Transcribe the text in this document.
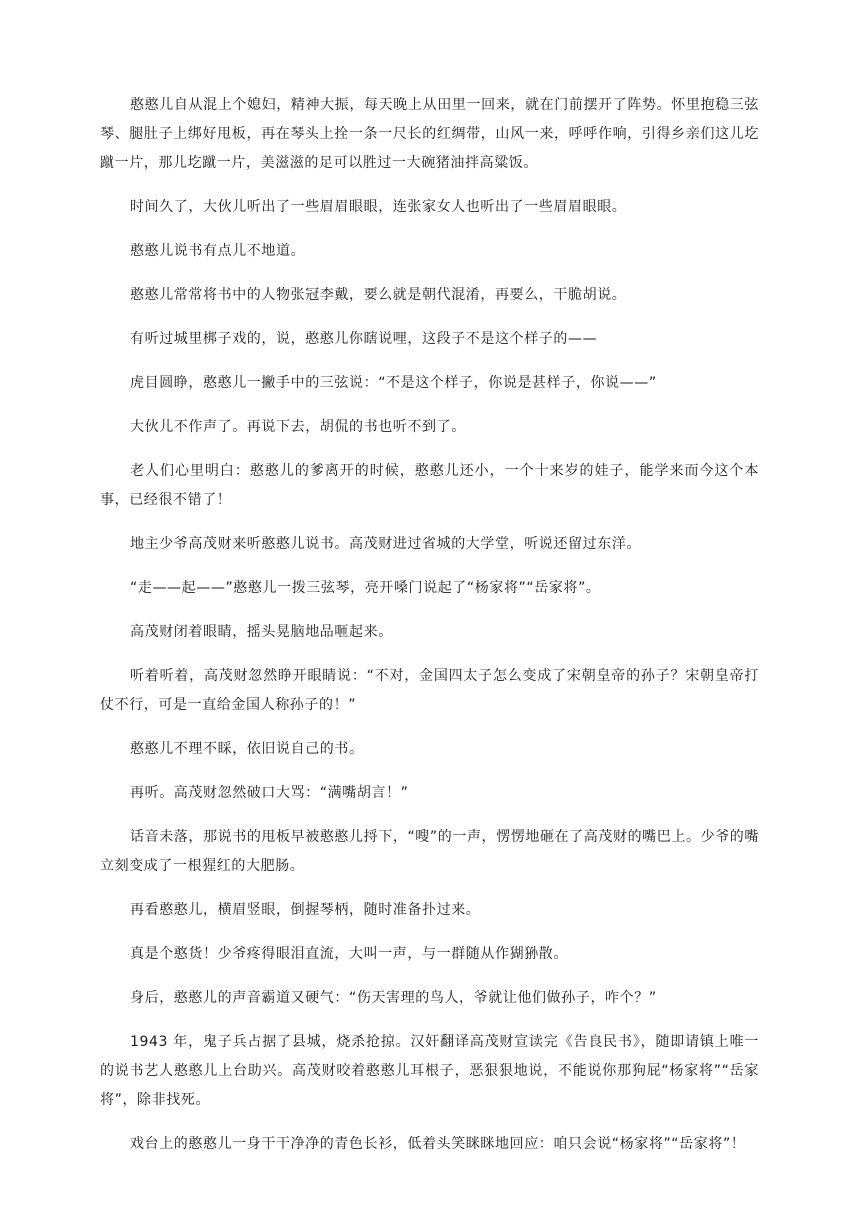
憨憨儿自从混上个媳妇，精神大振，每天晚上从田里一回来，就在门前摆开了阵势。怀里抱稳三弦琴、腿肚子上绑好甩板，再在琴头上拴一条一尺长的红绸带，山风一来，呼呼作响，引得乡亲们这儿圪蹴一片，那儿圪蹴一片，美滋滋的足可以胜过一大碗猪油拌高粱饭。

时间久了，大伙儿听出了一些眉眉眼眼，连张家女人也听出了一些眉眉眼眼。

憨憨儿说书有点儿不地道。

憨憨儿常常将书中的人物张冠李戴，要么就是朝代混淆，再要么，干脆胡说。

有听过城里梆子戏的，说，憨憨儿你瞎说哩，这段子不是这个样子的——

虎目圆睁，憨憨儿一撇手中的三弦说：“不是这个样子，你说是甚样子，你说——”

大伙儿不作声了。再说下去，胡侃的书也听不到了。

老人们心里明白：憨憨儿的爹离开的时候，憨憨儿还小，一个十来岁的娃子，能学来而今这个本事，已经很不错了！

地主少爷高茂财来听憨憨儿说书。高茂财进过省城的大学堂，听说还留过东洋。

“走——起——”憨憨儿一拨三弦琴，亮开嗓门说起了“杨家将”“岳家将”。

高茂财闭着眼睛，摇头晃脑地品咂起来。

听着听着，高茂财忽然睁开眼睛说：“不对，金国四太子怎么变成了宋朝皇帝的孙子？宋朝皇帝打仗不行，可是一直给金国人称孙子的！”

憨憨儿不理不睬，依旧说自己的书。

再听。高茂财忽然破口大骂：“满嘴胡言！”

话音未落，那说书的甩板早被憨憨儿捋下，“嗖”的一声，愣愣地砸在了高茂财的嘴巴上。少爷的嘴立刻变成了一根猩红的大肥肠。

再看憨憨儿，横眉竖眼，倒握琴柄，随时准备扑过来。

真是个憨货！少爷疼得眼泪直流，大叫一声，与一群随从作猢狲散。

身后，憨憨儿的声音霸道又硬气：“伤天害理的鸟人，爷就让他们做孙子，咋个？”

1943 年，鬼子兵占据了县城，烧杀抢掠。汉奸翻译高茂财宣读完《告良民书》，随即请镇上唯一的说书艺人憨憨儿上台助兴。高茂财咬着憨憨儿耳根子，恶狠狠地说，不能说你那狗屁“杨家将”“岳家将”，除非找死。

戏台上的憨憨儿一身干干净净的青色长衫，低着头笑眯眯地回应：咱只会说“杨家将”“岳家将”！
